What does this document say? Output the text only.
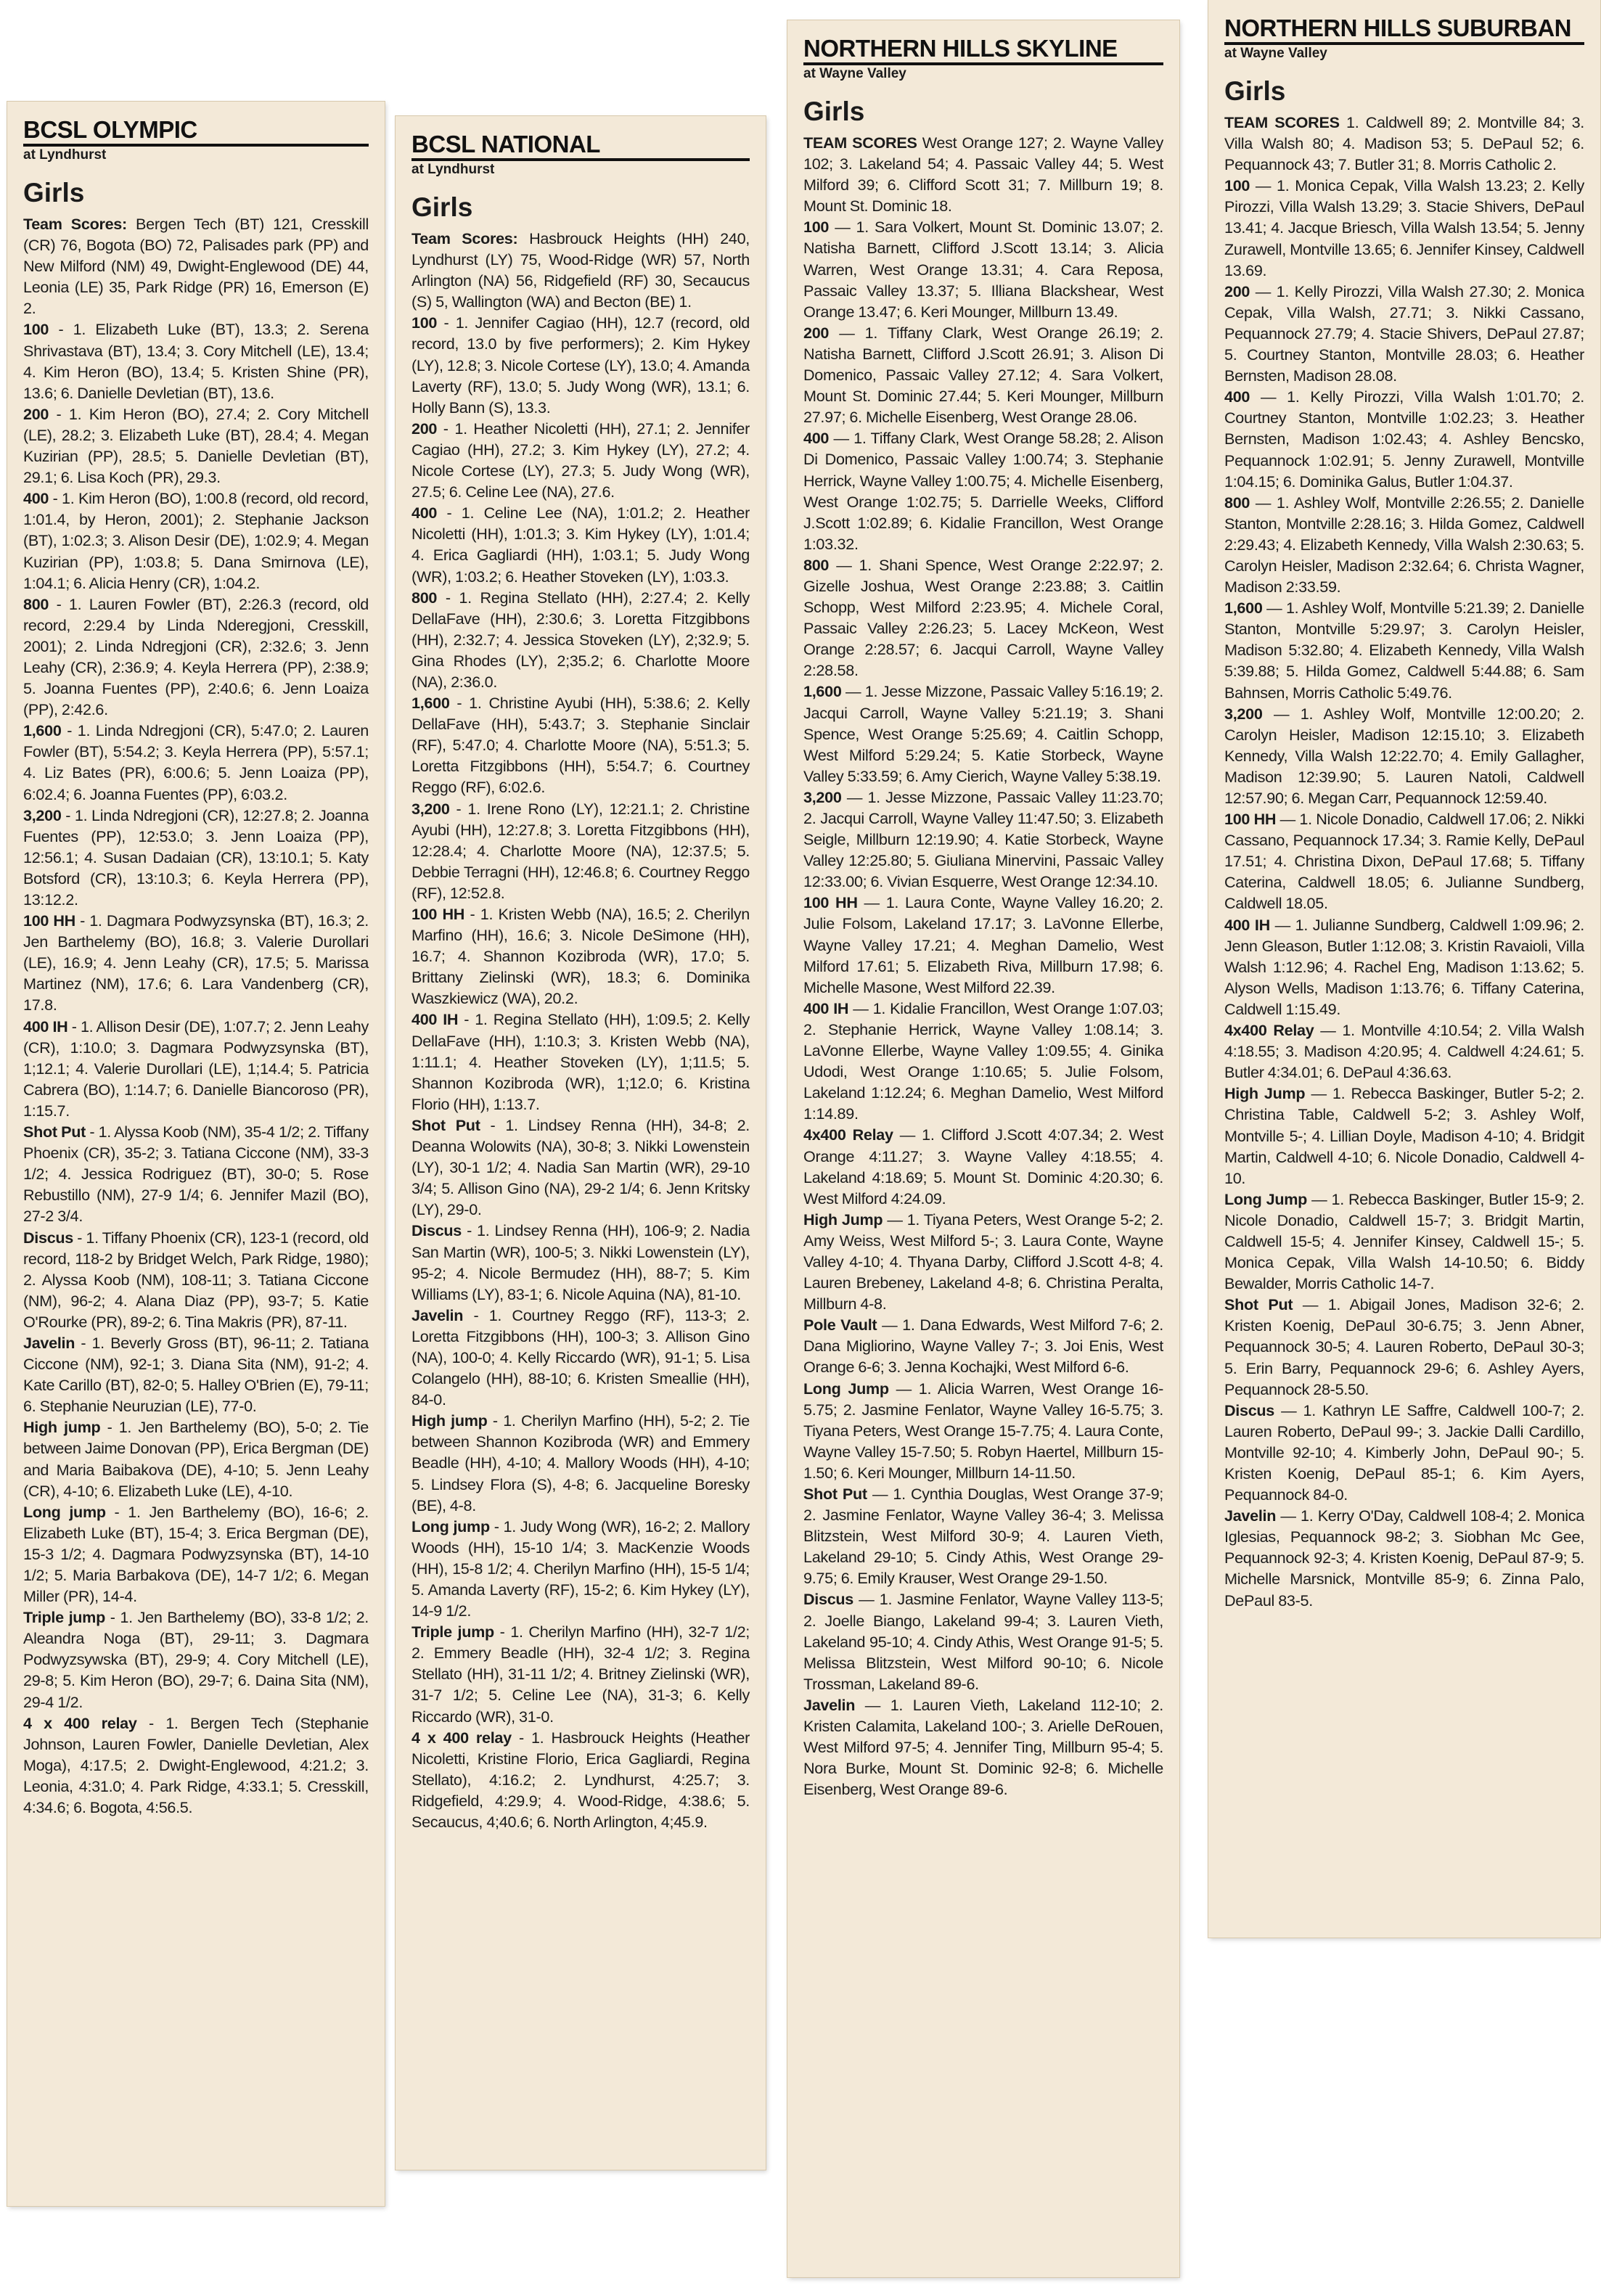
BCSL OLYMPIC
at Lyndhurst
Girls
Team Scores: Bergen Tech (BT) 121, Cresskill (CR) 76, Bogota (BO) 72, Palisades park (PP) and New Milford (NM) 49, Dwight-Englewood (DE) 44, Leonia (LE) 35, Park Ridge (PR) 16, Emerson (E) 2.
100 - 1. Elizabeth Luke (BT), 13.3; 2. Serena Shrivastava (BT), 13.4; 3. Cory Mitchell (LE), 13.4; 4. Kim Heron (BO), 13.4; 5. Kristen Shine (PR), 13.6; 6. Danielle Devletian (BT), 13.6.
200 - 1. Kim Heron (BO), 27.4; 2. Cory Mitchell (LE), 28.2; 3. Elizabeth Luke (BT), 28.4; 4. Megan Kuzirian (PP), 28.5; 5. Danielle Devletian (BT), 29.1; 6. Lisa Koch (PR), 29.3.
400 - 1. Kim Heron (BO), 1:00.8 (record, old record, 1:01.4, by Heron, 2001); 2. Stephanie Jackson (BT), 1:02.3; 3. Alison Desir (DE), 1:02.9; 4. Megan Kuzirian (PP), 1:03.8; 5. Dana Smirnova (LE), 1:04.1; 6. Alicia Henry (CR), 1:04.2.
800 - 1. Lauren Fowler (BT), 2:26.3 (record, old record, 2:29.4 by Linda Nderegjoni, Cresskill, 2001); 2. Linda Ndregjoni (CR), 2:32.6; 3. Jenn Leahy (CR), 2:36.9; 4. Keyla Herrera (PP), 2:38.9; 5. Joanna Fuentes (PP), 2:40.6; 6. Jenn Loaiza (PP), 2:42.6.
1,600 - 1. Linda Ndregjoni (CR), 5:47.0; 2. Lauren Fowler (BT), 5:54.2; 3. Keyla Herrera (PP), 5:57.1; 4. Liz Bates (PR), 6:00.6; 5. Jenn Loaiza (PP), 6:02.4; 6. Joanna Fuentes (PP), 6:03.2.
3,200 - 1. Linda Ndregjoni (CR), 12:27.8; 2. Joanna Fuentes (PP), 12:53.0; 3. Jenn Loaiza (PP), 12:56.1; 4. Susan Dadaian (CR), 13:10.1; 5. Katy Botsford (CR), 13:10.3; 6. Keyla Herrera (PP), 13:12.2.
100 HH - 1. Dagmara Podwyzsynska (BT), 16.3; 2. Jen Barthelemy (BO), 16.8; 3. Valerie Durollari (LE), 16.9; 4. Jenn Leahy (CR), 17.5; 5. Marissa Martinez (NM), 17.6; 6. Lara Vandenberg (CR), 17.8.
400 IH - 1. Allison Desir (DE), 1:07.7; 2. Jenn Leahy (CR), 1:10.0; 3. Dagmara Podwyzsynska (BT), 1;12.1; 4. Valerie Durollari (LE), 1;14.4; 5. Patricia Cabrera (BO), 1:14.7; 6. Danielle Biancoroso (PR), 1:15.7.
Shot Put - 1. Alyssa Koob (NM), 35-4 1/2; 2. Tiffany Phoenix (CR), 35-2; 3. Tatiana Ciccone (NM), 33-3 1/2; 4. Jessica Rodriguez (BT), 30-0; 5. Rose Rebustillo (NM), 27-9 1/4; 6. Jennifer Mazil (BO), 27-2 3/4.
Discus - 1. Tiffany Phoenix (CR), 123-1 (record, old record, 118-2 by Bridget Welch, Park Ridge, 1980); 2. Alyssa Koob (NM), 108-11; 3. Tatiana Ciccone (NM), 96-2; 4. Alana Diaz (PP), 93-7; 5. Katie O'Rourke (PR), 89-2; 6. Tina Makris (PR), 87-11.
Javelin - 1. Beverly Gross (BT), 96-11; 2. Tatiana Ciccone (NM), 92-1; 3. Diana Sita (NM), 91-2; 4. Kate Carillo (BT), 82-0; 5. Halley O'Brien (E), 79-11; 6. Stephanie Neuruzian (LE), 77-0.
High jump - 1. Jen Barthelemy (BO), 5-0; 2. Tie between Jaime Donovan (PP), Erica Bergman (DE) and Maria Baibakova (DE), 4-10; 5. Jenn Leahy (CR), 4-10; 6. Elizabeth Luke (LE), 4-10.
Long jump - 1. Jen Barthelemy (BO), 16-6; 2. Elizabeth Luke (BT), 15-4; 3. Erica Bergman (DE), 15-3 1/2; 4. Dagmara Podwyzsynska (BT), 14-10 1/2; 5. Maria Barbakova (DE), 14-7 1/2; 6. Megan Miller (PR), 14-4.
Triple jump - 1. Jen Barthelemy (BO), 33-8 1/2; 2. Aleandra Noga (BT), 29-11; 3. Dagmara Podwyzsywska (BT), 29-9; 4. Cory Mitchell (LE), 29-8; 5. Kim Heron (BO), 29-7; 6. Daina Sita (NM), 29-4 1/2.
4 x 400 relay - 1. Bergen Tech (Stephanie Johnson, Lauren Fowler, Danielle Devletian, Alex Moga), 4:17.5; 2. Dwight-Englewood, 4:21.2; 3. Leonia, 4:31.0; 4. Park Ridge, 4:33.1; 5. Cresskill, 4:34.6; 6. Bogota, 4:56.5.
BCSL NATIONAL
at Lyndhurst
Girls
Team Scores: Hasbrouck Heights (HH) 240, Lyndhurst (LY) 75, Wood-Ridge (WR) 57, North Arlington (NA) 56, Ridgefield (RF) 30, Secaucus (S) 5, Wallington (WA) and Becton (BE) 1.
100 - 1. Jennifer Cagiao (HH), 12.7 (record, old record, 13.0 by five performers); 2. Kim Hykey (LY), 12.8; 3. Nicole Cortese (LY), 13.0; 4. Amanda Laverty (RF), 13.0; 5. Judy Wong (WR), 13.1; 6. Holly Bann (S), 13.3.
200 - 1. Heather Nicoletti (HH), 27.1; 2. Jennifer Cagiao (HH), 27.2; 3. Kim Hykey (LY), 27.2; 4. Nicole Cortese (LY), 27.3; 5. Judy Wong (WR), 27.5; 6. Celine Lee (NA), 27.6.
400 - 1. Celine Lee (NA), 1:01.2; 2. Heather Nicoletti (HH), 1:01.3; 3. Kim Hykey (LY), 1:01.4; 4. Erica Gagliardi (HH), 1:03.1; 5. Judy Wong (WR), 1:03.2; 6. Heather Stoveken (LY), 1:03.3.
800 - 1. Regina Stellato (HH), 2:27.4; 2. Kelly DellaFave (HH), 2:30.6; 3. Loretta Fitzgibbons (HH), 2:32.7; 4. Jessica Stoveken (LY), 2;32.9; 5. Gina Rhodes (LY), 2;35.2; 6. Charlotte Moore (NA), 2:36.0.
1,600 - 1. Christine Ayubi (HH), 5:38.6; 2. Kelly DellaFave (HH), 5:43.7; 3. Stephanie Sinclair (RF), 5:47.0; 4. Charlotte Moore (NA), 5:51.3; 5. Loretta Fitzgibbons (HH), 5:54.7; 6. Courtney Reggo (RF), 6:02.6.
3,200 - 1. Irene Rono (LY), 12:21.1; 2. Christine Ayubi (HH), 12:27.8; 3. Loretta Fitzgibbons (HH), 12:28.4; 4. Charlotte Moore (NA), 12:37.5; 5. Debbie Terragni (HH), 12:46.8; 6. Courtney Reggo (RF), 12:52.8.
100 HH - 1. Kristen Webb (NA), 16.5; 2. Cherilyn Marfino (HH), 16.6; 3. Nicole DeSimone (HH), 16.7; 4. Shannon Kozibroda (WR), 17.0; 5. Brittany Zielinski (WR), 18.3; 6. Dominika Waszkiewicz (WA), 20.2.
400 IH - 1. Regina Stellato (HH), 1:09.5; 2. Kelly DellaFave (HH), 1:10.3; 3. Kristen Webb (NA), 1:11.1; 4. Heather Stoveken (LY), 1;11.5; 5. Shannon Kozibroda (WR), 1;12.0; 6. Kristina Florio (HH), 1:13.7.
Shot Put - 1. Lindsey Renna (HH), 34-8; 2. Deanna Wolowits (NA), 30-8; 3. Nikki Lowenstein (LY), 30-1 1/2; 4. Nadia San Martin (WR), 29-10 3/4; 5. Allison Gino (NA), 29-2 1/4; 6. Jenn Kritsky (LY), 29-0.
Discus - 1. Lindsey Renna (HH), 106-9; 2. Nadia San Martin (WR), 100-5; 3. Nikki Lowenstein (LY), 95-2; 4. Nicole Bermudez (HH), 88-7; 5. Kim Williams (LY), 83-1; 6. Nicole Aquina (NA), 81-10.
Javelin - 1. Courtney Reggo (RF), 113-3; 2. Loretta Fitzgibbons (HH), 100-3; 3. Allison Gino (NA), 100-0; 4. Kelly Riccardo (WR), 91-1; 5. Lisa Colangelo (HH), 88-10; 6. Kristen Smeallie (HH), 84-0.
High jump - 1. Cherilyn Marfino (HH), 5-2; 2. Tie between Shannon Kozibroda (WR) and Emmery Beadle (HH), 4-10; 4. Mallory Woods (HH), 4-10; 5. Lindsey Flora (S), 4-8; 6. Jacqueline Boresky (BE), 4-8.
Long jump - 1. Judy Wong (WR), 16-2; 2. Mallory Woods (HH), 15-10 1/4; 3. MacKenzie Woods (HH), 15-8 1/2; 4. Cherilyn Marfino (HH), 15-5 1/4; 5. Amanda Laverty (RF), 15-2; 6. Kim Hykey (LY), 14-9 1/2.
Triple jump - 1. Cherilyn Marfino (HH), 32-7 1/2; 2. Emmery Beadle (HH), 32-4 1/2; 3. Regina Stellato (HH), 31-11 1/2; 4. Britney Zielinski (WR), 31-7 1/2; 5. Celine Lee (NA), 31-3; 6. Kelly Riccardo (WR), 31-0.
4 x 400 relay - 1. Hasbrouck Heights (Heather Nicoletti, Kristine Florio, Erica Gagliardi, Regina Stellato), 4:16.2; 2. Lyndhurst, 4:25.7; 3. Ridgefield, 4:29.9; 4. Wood-Ridge, 4:38.6; 5. Secaucus, 4;40.6; 6. North Arlington, 4;45.9.
NORTHERN HILLS SKYLINE
at Wayne Valley
Girls
TEAM SCORES West Orange 127; 2. Wayne Valley 102; 3. Lakeland 54; 4. Passaic Valley 44; 5. West Milford 39; 6. Clifford Scott 31; 7. Millburn 19; 8. Mount St. Dominic 18.
100 — 1. Sara Volkert, Mount St. Dominic 13.07; 2. Natisha Barnett, Clifford J.Scott 13.14; 3. Alicia Warren, West Orange 13.31; 4. Cara Reposa, Passaic Valley 13.37; 5. Illiana Blackshear, West Orange 13.47; 6. Keri Mounger, Millburn 13.49.
200 — 1. Tiffany Clark, West Orange 26.19; 2. Natisha Barnett, Clifford J.Scott 26.91; 3. Alison Di Domenico, Passaic Valley 27.12; 4. Sara Volkert, Mount St. Dominic 27.44; 5. Keri Mounger, Millburn 27.97; 6. Michelle Eisenberg, West Orange 28.06.
400 — 1. Tiffany Clark, West Orange 58.28; 2. Alison Di Domenico, Passaic Valley 1:00.74; 3. Stephanie Herrick, Wayne Valley 1:00.75; 4. Michelle Eisenberg, West Orange 1:02.75; 5. Darrielle Weeks, Clifford J.Scott 1:02.89; 6. Kidalie Francillon, West Orange 1:03.32.
800 — 1. Shani Spence, West Orange 2:22.97; 2. Gizelle Joshua, West Orange 2:23.88; 3. Caitlin Schopp, West Milford 2:23.95; 4. Michele Coral, Passaic Valley 2:26.23; 5. Lacey McKeon, West Orange 2:28.57; 6. Jacqui Carroll, Wayne Valley 2:28.58.
1,600 — 1. Jesse Mizzone, Passaic Valley 5:16.19; 2. Jacqui Carroll, Wayne Valley 5:21.19; 3. Shani Spence, West Orange 5:25.69; 4. Caitlin Schopp, West Milford 5:29.24; 5. Katie Storbeck, Wayne Valley 5:33.59; 6. Amy Cierich, Wayne Valley 5:38.19.
3,200 — 1. Jesse Mizzone, Passaic Valley 11:23.70; 2. Jacqui Carroll, Wayne Valley 11:47.50; 3. Elizabeth Seigle, Millburn 12:19.90; 4. Katie Storbeck, Wayne Valley 12:25.80; 5. Giuliana Minervini, Passaic Valley 12:33.00; 6. Vivian Esquerre, West Orange 12:34.10.
100 HH — 1. Laura Conte, Wayne Valley 16.20; 2. Julie Folsom, Lakeland 17.17; 3. LaVonne Ellerbe, Wayne Valley 17.21; 4. Meghan Damelio, West Milford 17.61; 5. Elizabeth Riva, Millburn 17.98; 6. Michelle Masone, West Milford 22.39.
400 IH — 1. Kidalie Francillon, West Orange 1:07.03; 2. Stephanie Herrick, Wayne Valley 1:08.14; 3. LaVonne Ellerbe, Wayne Valley 1:09.55; 4. Ginika Udodi, West Orange 1:10.65; 5. Julie Folsom, Lakeland 1:12.24; 6. Meghan Damelio, West Milford 1:14.89.
4x400 Relay — 1. Clifford J.Scott 4:07.34; 2. West Orange 4:11.27; 3. Wayne Valley 4:18.55; 4. Lakeland 4:18.69; 5. Mount St. Dominic 4:20.30; 6. West Milford 4:24.09.
High Jump — 1. Tiyana Peters, West Orange 5-2; 2. Amy Weiss, West Milford 5-; 3. Laura Conte, Wayne Valley 4-10; 4. Thyana Darby, Clifford J.Scott 4-8; 4. Lauren Brebeney, Lakeland 4-8; 6. Christina Peralta, Millburn 4-8.
Pole Vault — 1. Dana Edwards, West Milford 7-6; 2. Dana Migliorino, Wayne Valley 7-; 3. Joi Enis, West Orange 6-6; 3. Jenna Kochajki, West Milford 6-6.
Long Jump — 1. Alicia Warren, West Orange 16-5.75; 2. Jasmine Fenlator, Wayne Valley 16-5.75; 3. Tiyana Peters, West Orange 15-7.75; 4. Laura Conte, Wayne Valley 15-7.50; 5. Robyn Haertel, Millburn 15-1.50; 6. Keri Mounger, Millburn 14-11.50.
Shot Put — 1. Cynthia Douglas, West Orange 37-9; 2. Jasmine Fenlator, Wayne Valley 36-4; 3. Melissa Blitzstein, West Milford 30-9; 4. Lauren Vieth, Lakeland 29-10; 5. Cindy Athis, West Orange 29-9.75; 6. Emily Krauser, West Orange 29-1.50.
Discus — 1. Jasmine Fenlator, Wayne Valley 113-5; 2. Joelle Biango, Lakeland 99-4; 3. Lauren Vieth, Lakeland 95-10; 4. Cindy Athis, West Orange 91-5; 5. Melissa Blitzstein, West Milford 90-10; 6. Nicole Trossman, Lakeland 89-6.
Javelin — 1. Lauren Vieth, Lakeland 112-10; 2. Kristen Calamita, Lakeland 100-; 3. Arielle DeRouen, West Milford 97-5; 4. Jennifer Ting, Millburn 95-4; 5. Nora Burke, Mount St. Dominic 92-8; 6. Michelle Eisenberg, West Orange 89-6.
NORTHERN HILLS SUBURBAN
at Wayne Valley
Girls
TEAM SCORES 1. Caldwell 89; 2. Montville 84; 3. Villa Walsh 80; 4. Madison 53; 5. DePaul 52; 6. Pequannock 43; 7. Butler 31; 8. Morris Catholic 2.
100 — 1. Monica Cepak, Villa Walsh 13.23; 2. Kelly Pirozzi, Villa Walsh 13.29; 3. Stacie Shivers, DePaul 13.41; 4. Jacque Briesch, Villa Walsh 13.54; 5. Jenny Zurawell, Montville 13.65; 6. Jennifer Kinsey, Caldwell 13.69.
200 — 1. Kelly Pirozzi, Villa Walsh 27.30; 2. Monica Cepak, Villa Walsh, 27.71; 3. Nikki Cassano, Pequannock 27.79; 4. Stacie Shivers, DePaul 27.87; 5. Courtney Stanton, Montville 28.03; 6. Heather Bernsten, Madison 28.08.
400 — 1. Kelly Pirozzi, Villa Walsh 1:01.70; 2. Courtney Stanton, Montville 1:02.23; 3. Heather Bernsten, Madison 1:02.43; 4. Ashley Bencsko, Pequannock 1:02.91; 5. Jenny Zurawell, Montville 1:04.15; 6. Dominika Galus, Butler 1:04.37.
800 — 1. Ashley Wolf, Montville 2:26.55; 2. Danielle Stanton, Montville 2:28.16; 3. Hilda Gomez, Caldwell 2:29.43; 4. Elizabeth Kennedy, Villa Walsh 2:30.63; 5. Carolyn Heisler, Madison 2:32.64; 6. Christa Wagner, Madison 2:33.59.
1,600 — 1. Ashley Wolf, Montville 5:21.39; 2. Danielle Stanton, Montville 5:29.97; 3. Carolyn Heisler, Madison 5:32.80; 4. Elizabeth Kennedy, Villa Walsh 5:39.88; 5. Hilda Gomez, Caldwell 5:44.88; 6. Sam Bahnsen, Morris Catholic 5:49.76.
3,200 — 1. Ashley Wolf, Montville 12:00.20; 2. Carolyn Heisler, Madison 12:15.10; 3. Elizabeth Kennedy, Villa Walsh 12:22.70; 4. Emily Gallagher, Madison 12:39.90; 5. Lauren Natoli, Caldwell 12:57.90; 6. Megan Carr, Pequannock 12:59.40.
100 HH — 1. Nicole Donadio, Caldwell 17.06; 2. Nikki Cassano, Pequannock 17.34; 3. Ramie Kelly, DePaul 17.51; 4. Christina Dixon, DePaul 17.68; 5. Tiffany Caterina, Caldwell 18.05; 6. Julianne Sundberg, Caldwell 18.05.
400 IH — 1. Julianne Sundberg, Caldwell 1:09.96; 2. Jenn Gleason, Butler 1:12.08; 3. Kristin Ravaioli, Villa Walsh 1:12.96; 4. Rachel Eng, Madison 1:13.62; 5. Alyson Wells, Madison 1:13.76; 6. Tiffany Caterina, Caldwell 1:15.49.
4x400 Relay — 1. Montville 4:10.54; 2. Villa Walsh 4:18.55; 3. Madison 4:20.95; 4. Caldwell 4:24.61; 5. Butler 4:34.01; 6. DePaul 4:36.63.
High Jump — 1. Rebecca Baskinger, Butler 5-2; 2. Christina Table, Caldwell 5-2; 3. Ashley Wolf, Montville 5-; 4. Lillian Doyle, Madison 4-10; 4. Bridgit Martin, Caldwell 4-10; 6. Nicole Donadio, Caldwell 4-10.
Long Jump — 1. Rebecca Baskinger, Butler 15-9; 2. Nicole Donadio, Caldwell 15-7; 3. Bridgit Martin, Caldwell 15-5; 4. Jennifer Kinsey, Caldwell 15-; 5. Monica Cepak, Villa Walsh 14-10.50; 6. Biddy Bewalder, Morris Catholic 14-7.
Shot Put — 1. Abigail Jones, Madison 32-6; 2. Kristen Koenig, DePaul 30-6.75; 3. Jenn Abner, Pequannock 30-5; 4. Lauren Roberto, DePaul 30-3; 5. Erin Barry, Pequannock 29-6; 6. Ashley Ayers, Pequannock 28-5.50.
Discus — 1. Kathryn LE Saffre, Caldwell 100-7; 2. Lauren Roberto, DePaul 99-; 3. Jackie Dalli Cardillo, Montville 92-10; 4. Kimberly John, DePaul 90-; 5. Kristen Koenig, DePaul 85-1; 6. Kim Ayers, Pequannock 84-0.
Javelin — 1. Kerry O'Day, Caldwell 108-4; 2. Monica Iglesias, Pequannock 98-2; 3. Siobhan Mc Gee, Pequannock 92-3; 4. Kristen Koenig, DePaul 87-9; 5. Michelle Marsnick, Montville 85-9; 6. Zinna Palo, DePaul 83-5.
